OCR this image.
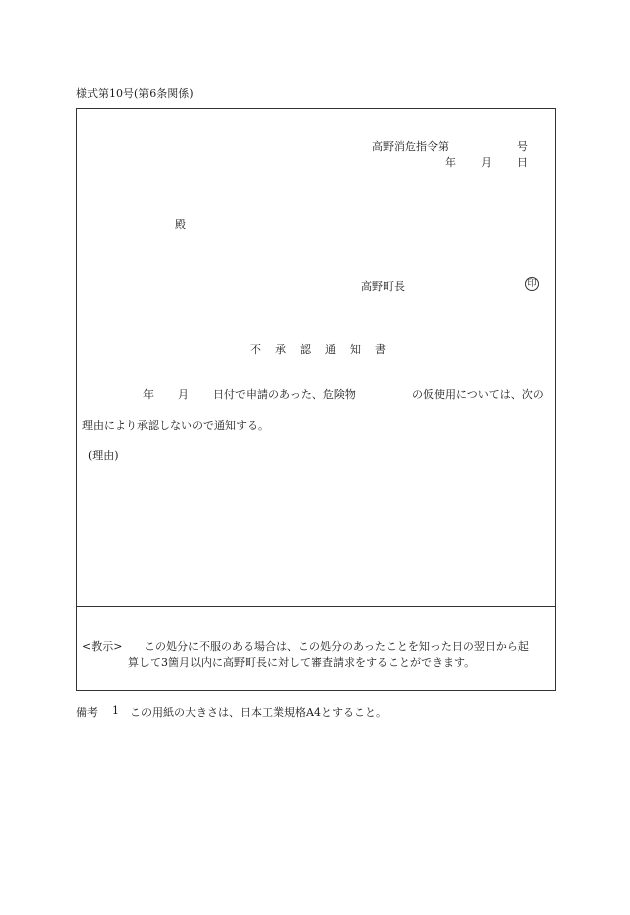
様式第10号(第6条関係)
高野消危指令第	号
年 月 日
殿
高野町長	印
不 承 認 通 知 書
年 月 日付で申請のあった、危険物	の仮使用については、次の
理由により承認しないので通知する。
(理由)
<教示> この処分に不服のある場合は、この処分のあったことを知った日の翌日から起
算して3箇月以内に高野町長に対して審査請求をすることができます。
備考 1 この用紙の大きさは、日本工業規格A4とすること。
